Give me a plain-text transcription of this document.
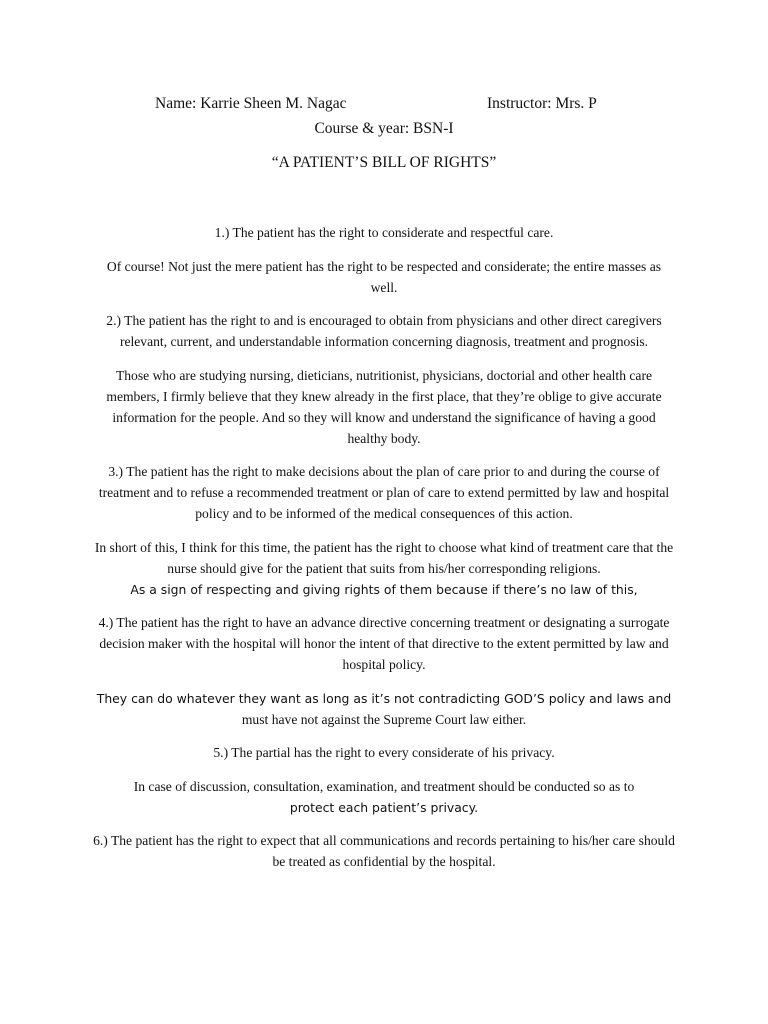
Name: Karrie Sheen M. Nagac	Instructor: Mrs. P
Course & year: BSN-I
“A PATIENT’S BILL OF RIGHTS”

1.) The patient has the right to considerate and respectful care.

Of course! Not just the mere patient has the right to be respected and considerate; the entire masses as well.

2.) The patient has the right to and is encouraged to obtain from physicians and other direct caregivers relevant, current, and understandable information concerning diagnosis, treatment and prognosis.

Those who are studying nursing, dieticians, nutritionist, physicians, doctorial and other health care members, I firmly believe that they knew already in the first place, that they’re oblige to give accurate information for the people. And so they will know and understand the significance of having a good healthy body.

3.) The patient has the right to make decisions about the plan of care prior to and during the course of treatment and to refuse a recommended treatment or plan of care to extend permitted by law and hospital policy and to be informed of the medical consequences of this action.

In short of this, I think for this time, the patient has the right to choose what kind of treatment care that the nurse should give for the patient that suits from his/her corresponding religions.
As a sign of respecting and giving rights of them because if there’s no law of this,

4.) The patient has the right to have an advance directive concerning treatment or designating a surrogate decision maker with the hospital will honor the intent of that directive to the extent permitted by law and hospital policy.

They can do whatever they want as long as it’s not contradicting GOD’S policy and laws and
must have not against the Supreme Court law either.

5.) The partial has the right to every considerate of his privacy.

In case of discussion, consultation, examination, and treatment should be conducted so as to
protect each patient’s privacy.

6.) The patient has the right to expect that all communications and records pertaining to his/her care should be treated as confidential by the hospital.
